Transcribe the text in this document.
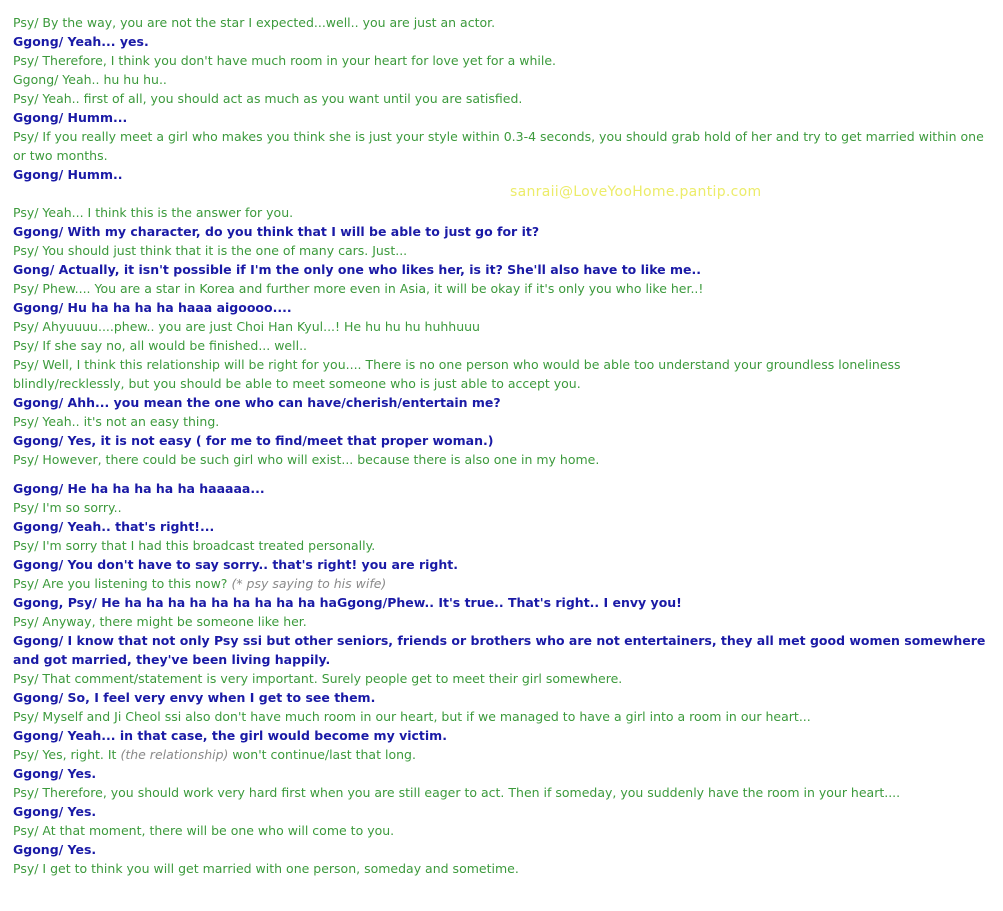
sanraii@LoveYooHome.pantip.com

Psy/ By the way, you are not the star I expected...well.. you are just an actor.

Ggong/ Yeah... yes.

Psy/ Therefore, I think you don't have much room in your heart for love yet for a while.

Ggong/ Yeah.. hu hu hu..

Psy/ Yeah.. first of all, you should act as much as you want until you are satisfied.

Ggong/ Humm...

Psy/ If you really meet a girl who makes you think she is just your style within 0.3-4 seconds, you should grab hold of her and try to get married within one or two months.

Ggong/ Humm..

Psy/ Yeah... I think this is the answer for you.

Ggong/ With my character, do you think that I will be able to just go for it?

Psy/ You should just think that it is the one of many cars. Just...

Gong/ Actually, it isn't possible if I'm the only one who likes her, is it? She'll also have to like me..

Psy/ Phew.... You are a star in Korea and further more even in Asia, it will be okay if it's only you who like her..!

Ggong/ Hu ha ha ha ha haaa aigoooo....

Psy/ Ahyuuuu....phew.. you are just Choi Han Kyul...! He hu hu hu huhhuuu

Psy/ If she say no, all would be finished... well..

Psy/ Well, I think this relationship will be right for you.... There is no one person who would be able too understand your groundless loneliness blindly/recklessly, but you should be able to meet someone who is just able to accept you.

Ggong/ Ahh... you mean the one who can have/cherish/entertain me?

Psy/ Yeah.. it's not an easy thing.

Ggong/ Yes, it is not easy ( for me to find/meet that proper woman.)

Psy/ However, there could be such girl who will exist... because there is also one in my home.

Ggong/ He ha ha ha ha ha haaaaa...

Psy/ I'm so sorry..

Ggong/ Yeah.. that's right!...

Psy/ I'm sorry that I had this broadcast treated personally.

Ggong/ You don't have to say sorry.. that's right! you are right.

Psy/ Are you listening to this now? (* psy saying to his wife)

Ggong, Psy/ He ha ha ha ha ha ha ha ha ha haGgong/Phew.. It's true.. That's right.. I envy you!

Psy/ Anyway, there might be someone like her.

Ggong/ I know that not only Psy ssi but other seniors, friends or brothers who are not entertainers, they all met good women somewhere and got married, they've been living happily.

Psy/ That comment/statement is very important. Surely people get to meet their girl somewhere.

Ggong/ So, I feel very envy when I get to see them.

Psy/ Myself and Ji Cheol ssi also don't have much room in our heart, but if we managed to have a girl into a room in our heart...

Ggong/ Yeah... in that case, the girl would become my victim.

Psy/ Yes, right. It (the relationship) won't continue/last that long.

Ggong/ Yes.

Psy/ Therefore, you should work very hard first when you are still eager to act. Then if someday, you suddenly have the room in your heart....

Ggong/ Yes.

Psy/ At that moment, there will be one who will come to you.

Ggong/ Yes.

Psy/ I get to think you will get married with one person, someday and sometime.
